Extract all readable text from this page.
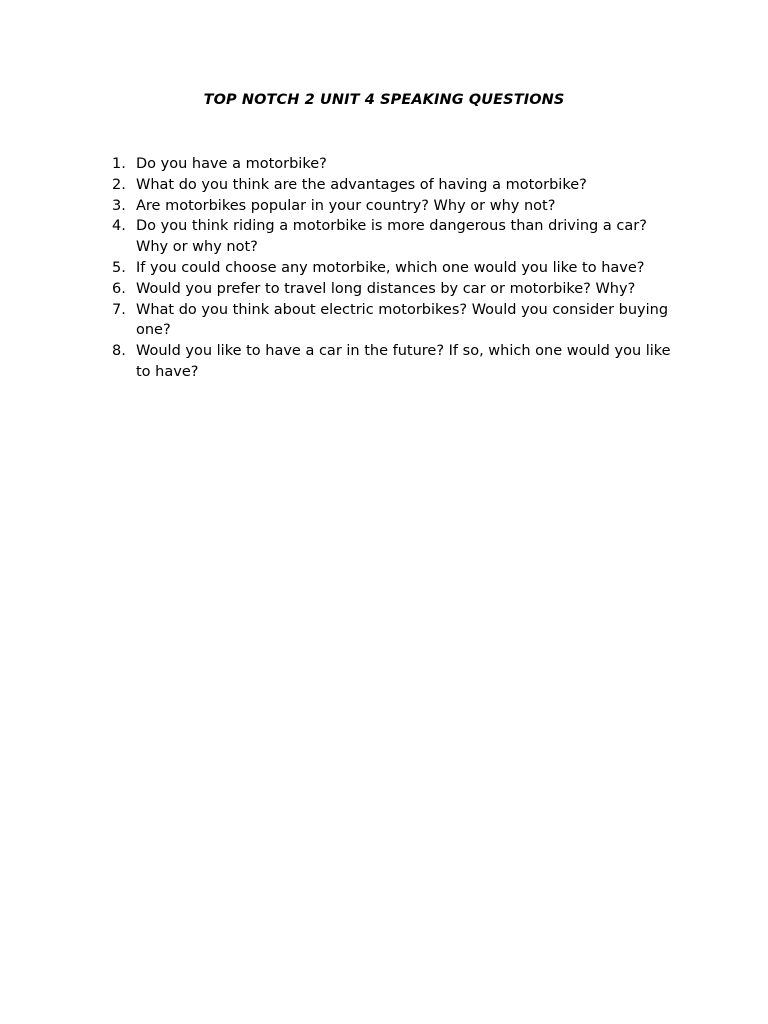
TOP NOTCH 2 UNIT 4 SPEAKING QUESTIONS
1. Do you have a motorbike?
2. What do you think are the advantages of having a motorbike?
3. Are motorbikes popular in your country? Why or why not?
4. Do you think riding a motorbike is more dangerous than driving a car? Why or why not?
5. If you could choose any motorbike, which one would you like to have?
6. Would you prefer to travel long distances by car or motorbike? Why?
7. What do you think about electric motorbikes? Would you consider buying one?
8. Would you like to have a car in the future? If so, which one would you like to have?
